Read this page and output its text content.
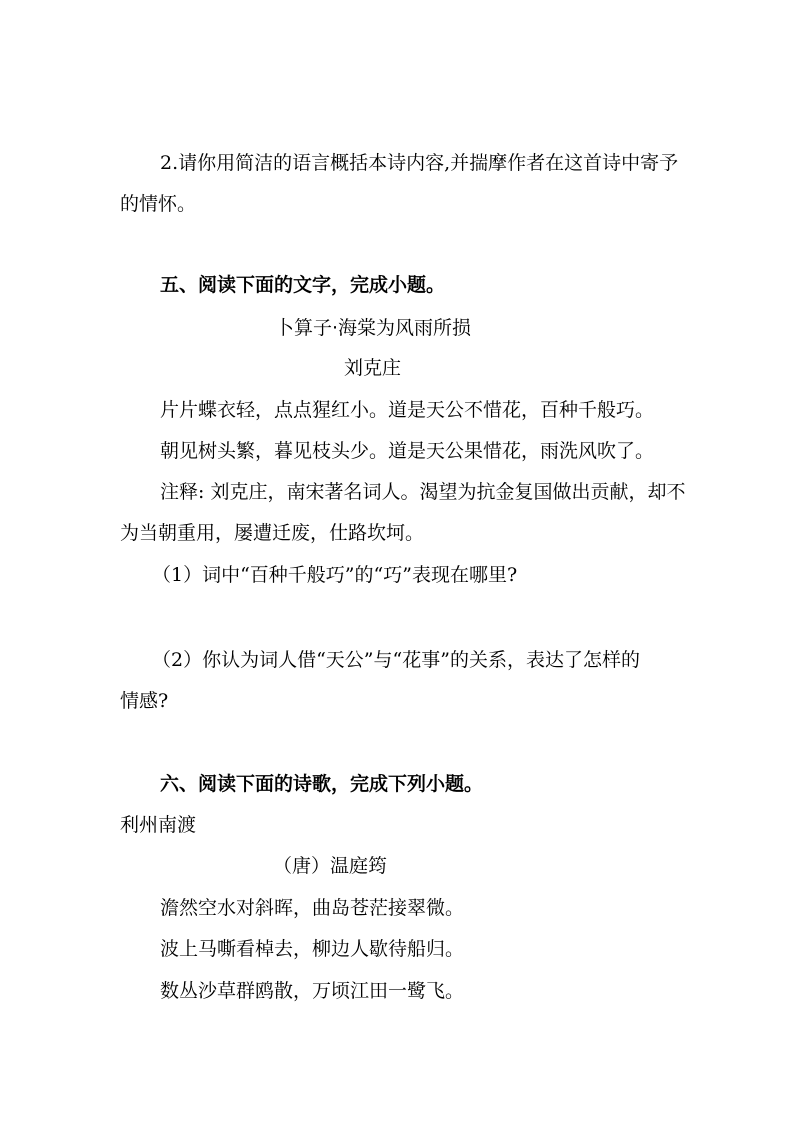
2.请你用简洁的语言概括本诗内容,并揣摩作者在这首诗中寄予
的情怀。
五、阅读下面的文字，完成小题。
卜算子·海棠为风雨所损
刘克庄
片片蝶衣轻，点点猩红小。道是天公不惜花，百种千般巧。
朝见树头繁，暮见枝头少。道是天公果惜花，雨洗风吹了。
注释: 刘克庄，南宋著名词人。渴望为抗金复国做出贡献，却不
为当朝重用，屡遭迁废，仕路坎坷。
（1）词中“百种千般巧”的“巧”表现在哪里?
（2）你认为词人借“天公”与“花事”的关系，表达了怎样的
情感?
六、阅读下面的诗歌，完成下列小题。
利州南渡
（唐）温庭筠
澹然空水对斜晖，曲岛苍茫接翠微。
波上马嘶看棹去，柳边人歇待船归。
数丛沙草群鸥散，万顷江田一鹭飞。
